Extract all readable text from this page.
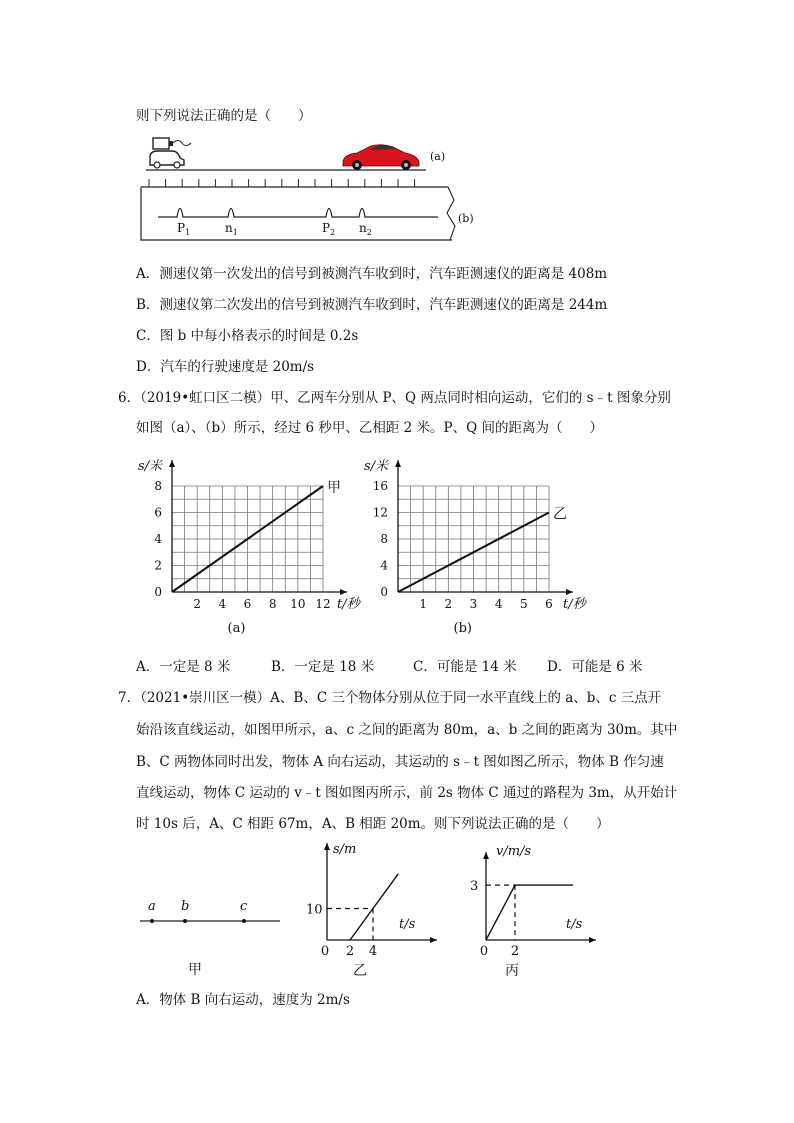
则下列说法正确的是（　　）
(a)
(b)
$P_1$	$n_1$	$P_2$ $n_2$
A．测速仪第一次发出的信号到被测汽车收到时，汽车距测速仪的距离是 408m
B．测速仪第二次发出的信号到被测汽车收到时，汽车距测速仪的距离是 244m
C．图 b 中每小格表示的时间是 0.2s
D．汽车的行驶速度是 20m/s
6．（2019•虹口区二模）甲、乙两车分别从 P、Q 两点同时相向运动，它们的 s﹣t 图象分别
如图（a）、（b）所示，经过 6 秒甲、乙相距 2 米。P、Q 间的距离为（　　）
2 4 6 8 10 12
0
2
4
6
8
s/米
t/秒
甲
(a)
1 2 3 4 5 6
0
4
8
12
16
s/米
t/秒
乙
(b)
A．一定是 8 米	B．一定是 18 米	C．可能是 14 米 D．可能是 6 米
7．（2021•崇川区一模）A、B、C 三个物体分别从位于同一水平直线上的 a、b、c 三点开
始沿该直线运动，如图甲所示，a、c 之间的距离为 80m，a、b 之间的距离为 30m。其中
B、C 两物体同时出发，物体 A 向右运动，其运动的 s﹣t 图如图乙所示，物体 B 作匀速
直线运动，物体 C 运动的 v﹣t 图如图丙所示，前 2s 物体 C 通过的路程为 3m，从开始计
时 10s 后，A、C 相距 67m，A、B 相距 20m。则下列说法正确的是（　　）
a b	c
甲
10
0 2 4
s/m
t/s
乙
3
0 2
v/m/s
t/s
丙
A．物体 B 向右运动，速度为 2m/s
